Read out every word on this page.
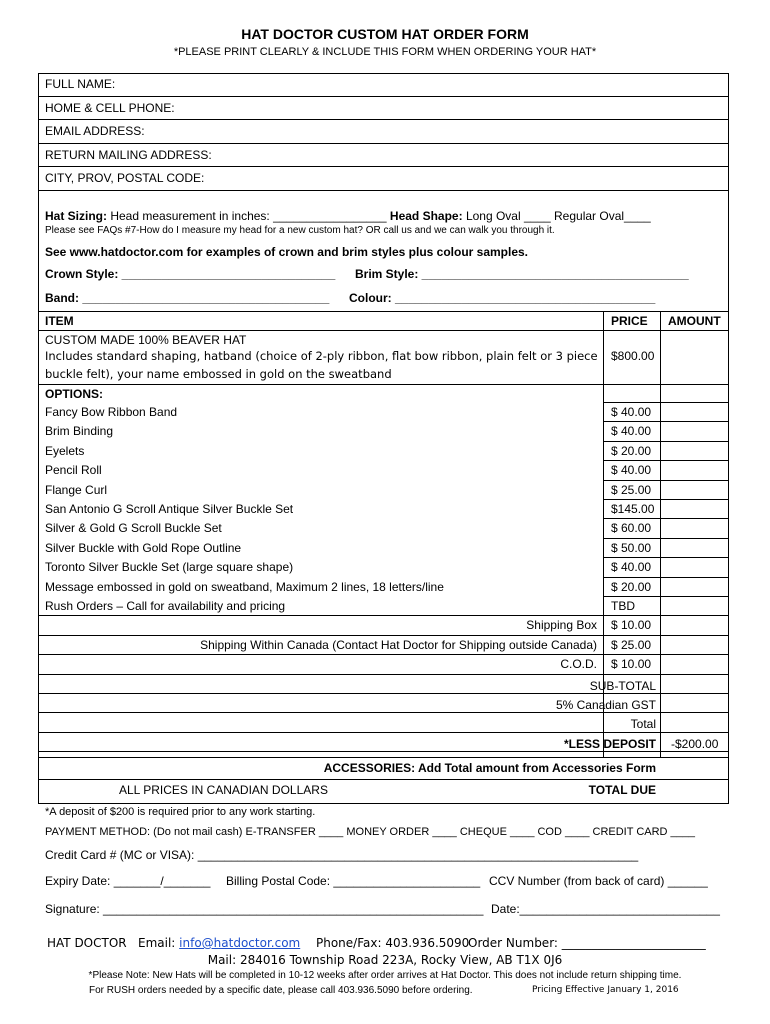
HAT DOCTOR CUSTOM HAT ORDER FORM
*PLEASE PRINT CLEARLY & INCLUDE THIS FORM WHEN ORDERING YOUR HAT*
FULL NAME:
HOME & CELL PHONE:
EMAIL ADDRESS:
RETURN MAILING ADDRESS:
CITY, PROV, POSTAL CODE:
Hat Sizing: Head measurement in inches: _________________ Head Shape: Long Oval ____ Regular Oval____
Please see FAQs #7-How do I measure my head for a new custom hat? OR call us and we can walk you through it.
See www.hatdoctor.com for examples of crown and brim styles plus colour samples.
Crown Style: ________________________________ Brim Style: ________________________________________
Band: _____________________________________ Colour: _______________________________________
ITEM	PRICE AMOUNT
CUSTOM MADE 100% BEAVER HAT
Includes standard shaping, hatband (choice of 2-ply ribbon, flat bow ribbon, plain felt or 3 piece
buckle felt), your name embossed in gold on the sweatband
$800.00
OPTIONS:
Fancy Bow Ribbon Band	$ 40.00
Brim Binding	$ 40.00
Eyelets	$ 20.00
Pencil Roll	$ 40.00
Flange Curl	$ 25.00
San Antonio G Scroll Antique Silver Buckle Set	$145.00
Silver & Gold G Scroll Buckle Set	$ 60.00
Silver Buckle with Gold Rope Outline	$ 50.00
Toronto Silver Buckle Set (large square shape)	$ 40.00
Message embossed in gold on sweatband, Maximum 2 lines, 18 letters/line	$ 20.00
Rush Orders – Call for availability and pricing	TBD
Shipping Box $ 10.00
Shipping Within Canada (Contact Hat Doctor for Shipping outside Canada) $ 25.00
C.O.D. $ 10.00
SUB-TOTAL
5% Canadian GST
Total
*LESS DEPOSIT -$200.00
ACCESSORIES: Add Total amount from Accessories Form
ALL PRICES IN CANADIAN DOLLARS	TOTAL DUE
*A deposit of $200 is required prior to any work starting.
PAYMENT METHOD: (Do not mail cash) E-TRANSFER ____ MONEY ORDER ____ CHEQUE ____ COD ____ CREDIT CARD ____
Credit Card # (MC or VISA): __________________________________________________________________
Expiry Date: _______/_______ Billing Postal Code: ______________________ CCV Number (from back of card) ______
Signature: _________________________________________________________ Date:______________________________
HAT DOCTOR Email: info@hatdoctor.com Phone/Fax: 403.936.5090
Order Number: ________________________
Mail: 284016 Township Road 223A, Rocky View, AB T1X 0J6
*Please Note: New Hats will be completed in 10-12 weeks after order arrives at Hat Doctor. This does not include return shipping time.
For RUSH orders needed by a specific date, please call 403.936.5090 before ordering.	Pricing Effective January 1, 2016
